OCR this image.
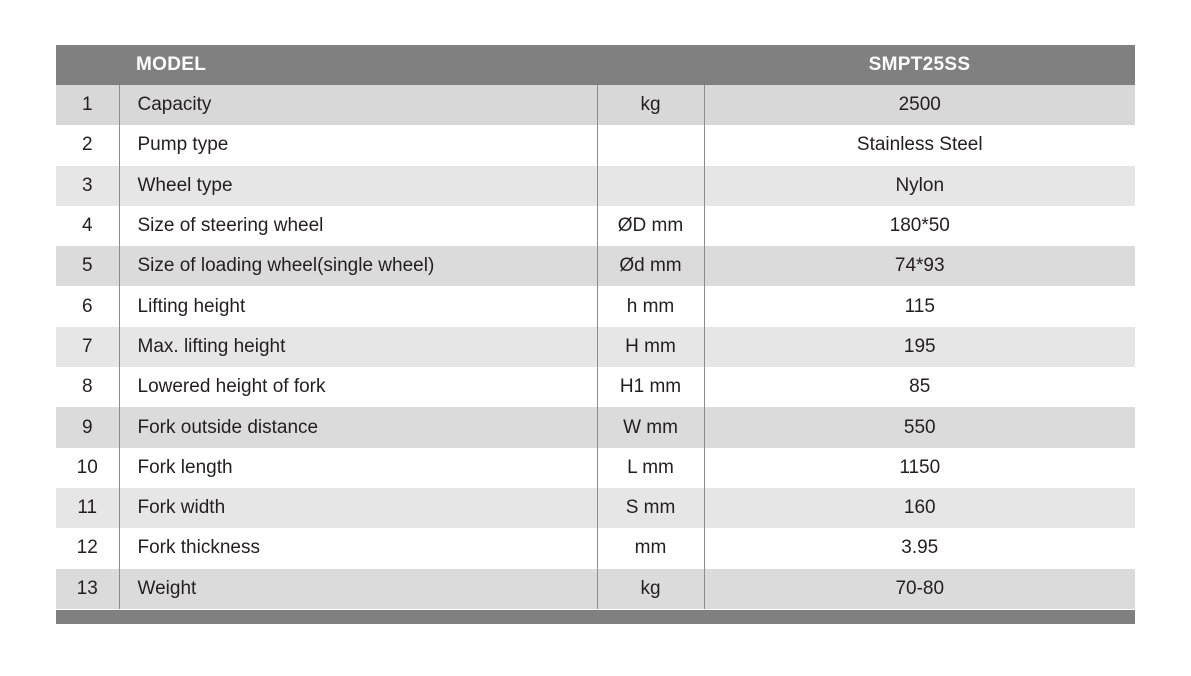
	MODEL		SMPT25SS
1	Capacity	kg	2500
2	Pump type		Stainless Steel
3	Wheel type		Nylon
4	Size of steering wheel	ØD mm	180*50
5	Size of loading wheel(single wheel)	Ød mm	74*93
6	Lifting height	h mm	115
7	Max. lifting height	H mm	195
8	Lowered height of fork	H1 mm	85
9	Fork outside distance	W mm	550
10	Fork length	L mm	1150
11	Fork width	S mm	160
12	Fork thickness	mm	3.95
13	Weight	kg	70-80
